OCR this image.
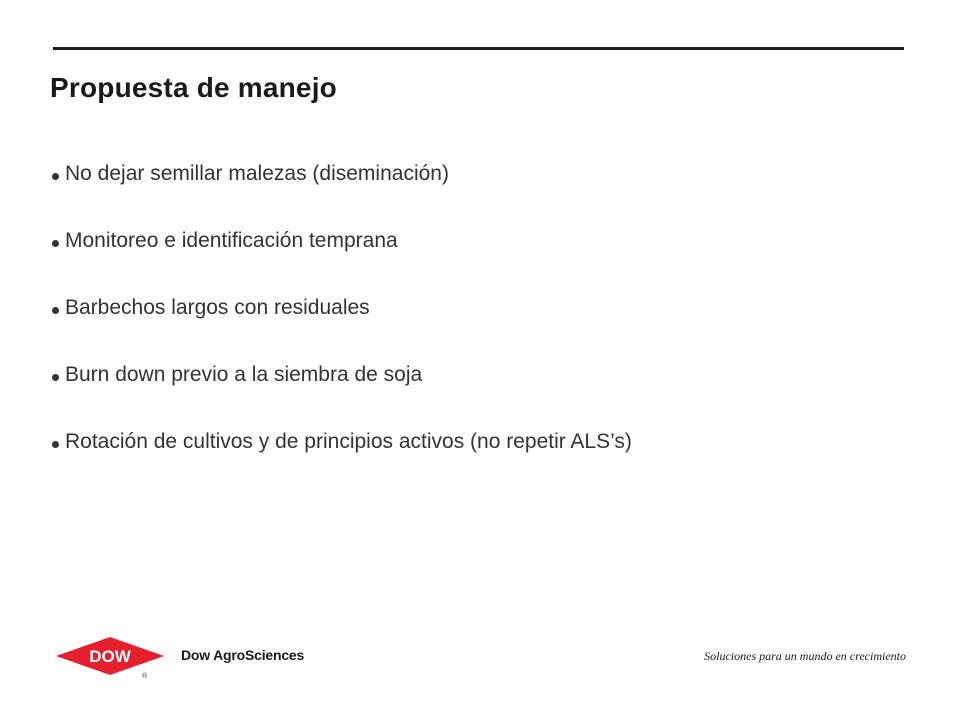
Propuesta de manejo
No dejar semillar malezas (diseminación)
Monitoreo e identificación temprana
Barbechos largos con residuales
Burn down previo a la siembra de soja
Rotación de cultivos y de principios activos (no repetir ALS’s)
DOW
®
Dow AgroSciences	Soluciones para un mundo en crecimiento
